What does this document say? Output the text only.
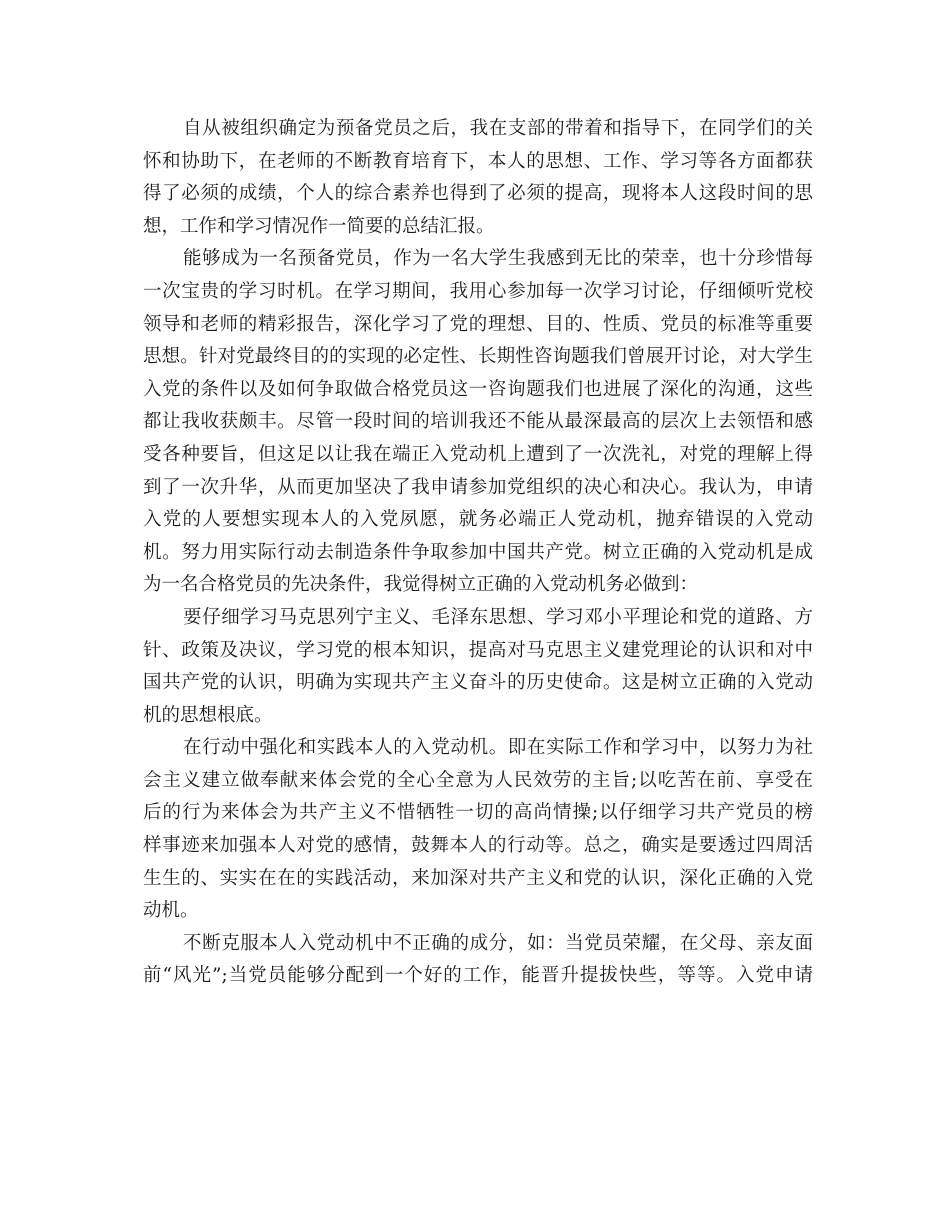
自从被组织确定为预备党员之后，我在支部的带着和指导下，在同学们的关
怀和协助下，在老师的不断教育培育下，本人的思想、工作、学习等各方面都获
得了必须的成绩，个人的综合素养也得到了必须的提高，现将本人这段时间的思
想，工作和学习情况作一简要的总结汇报。
能够成为一名预备党员，作为一名大学生我感到无比的荣幸，也十分珍惜每
一次宝贵的学习时机。在学习期间，我用心参加每一次学习讨论，仔细倾听党校
领导和老师的精彩报告，深化学习了党的理想、目的、性质、党员的标准等重要
思想。针对党最终目的的实现的必定性、长期性咨询题我们曾展开讨论，对大学生
入党的条件以及如何争取做合格党员这一咨询题我们也进展了深化的沟通，这些
都让我收获颇丰。尽管一段时间的培训我还不能从最深最高的层次上去领悟和感
受各种要旨，但这足以让我在端正入党动机上遭到了一次洗礼，对党的理解上得
到了一次升华，从而更加坚决了我申请参加党组织的决心和决心。我认为，申请
入党的人要想实现本人的入党夙愿，就务必端正人党动机，抛弃错误的入党动
机。努力用实际行动去制造条件争取参加中国共产党。树立正确的入党动机是成
为一名合格党员的先决条件，我觉得树立正确的入党动机务必做到：
要仔细学习马克思列宁主义、毛泽东思想、学习邓小平理论和党的道路、方
针、政策及决议，学习党的根本知识，提高对马克思主义建党理论的认识和对中
国共产党的认识，明确为实现共产主义奋斗的历史使命。这是树立正确的入党动
机的思想根底。
在行动中强化和实践本人的入党动机。即在实际工作和学习中，以努力为社
会主义建立做奉献来体会党的全心全意为人民效劳的主旨;以吃苦在前、享受在
后的行为来体会为共产主义不惜牺牲一切的高尚情操;以仔细学习共产党员的榜
样事迹来加强本人对党的感情，鼓舞本人的行动等。总之，确实是要透过四周活
生生的、实实在在的实践活动，来加深对共产主义和党的认识，深化正确的入党
动机。
不断克服本人入党动机中不正确的成分，如：当党员荣耀，在父母、亲友面
前“风光”;当党员能够分配到一个好的工作，能晋升提拔快些，等等。入党申请
